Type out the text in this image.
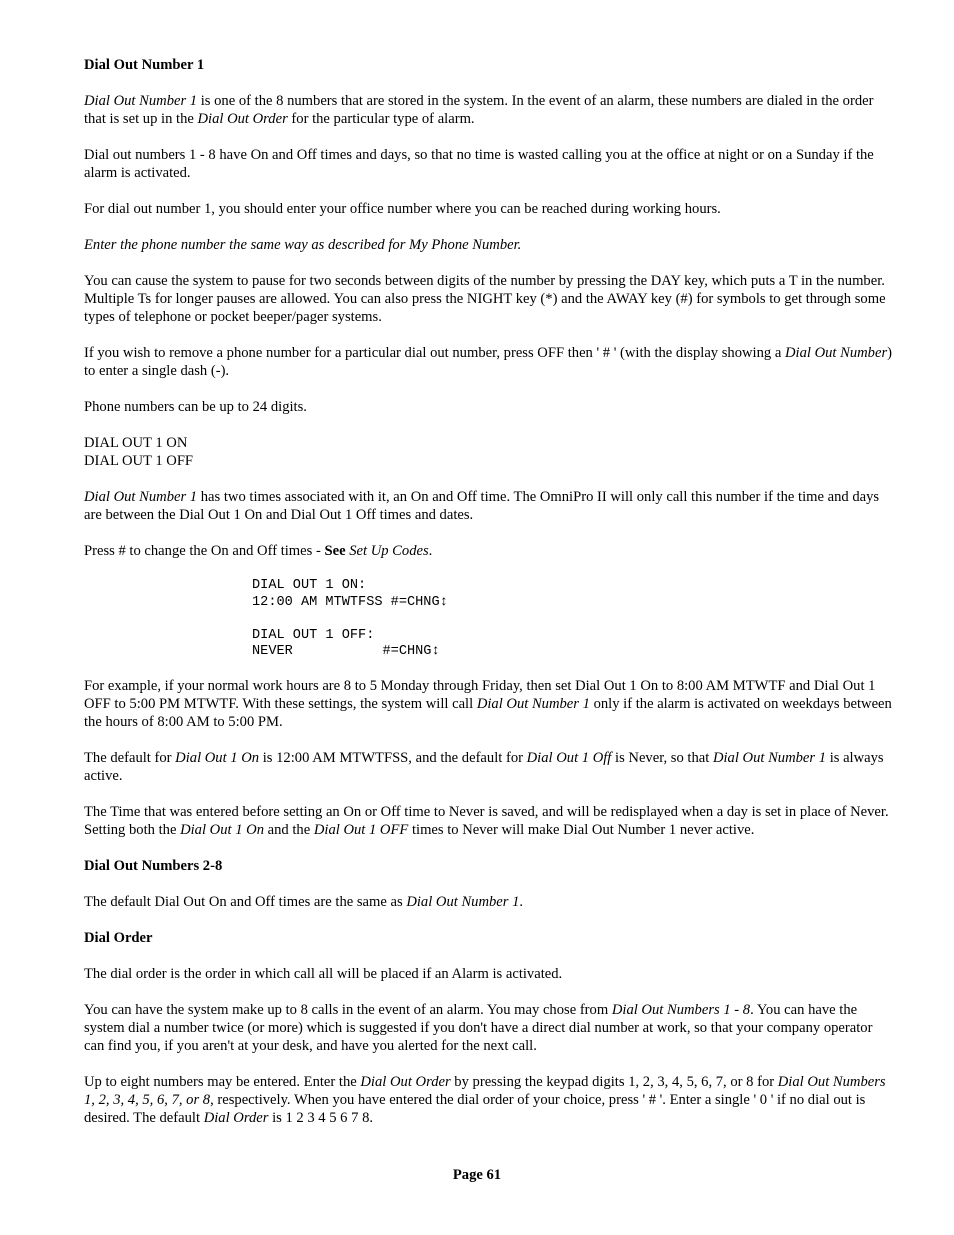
Dial Out Number 1

Dial Out Number 1 is one of the 8 numbers that are stored in the system. In the event of an alarm, these numbers are dialed in the order that is set up in the Dial Out Order for the particular type of alarm.

Dial out numbers 1 - 8 have On and Off times and days, so that no time is wasted calling you at the office at night or on a Sunday if the alarm is activated.

For dial out number 1, you should enter your office number where you can be reached during working hours.

Enter the phone number the same way as described for My Phone Number.

You can cause the system to pause for two seconds between digits of the number by pressing the DAY key, which puts a T in the number. Multiple Ts for longer pauses are allowed. You can also press the NIGHT key (*) and the AWAY key (#) for symbols to get through some types of telephone or pocket beeper/pager systems.

If you wish to remove a phone number for a particular dial out number, press OFF then ' # ' (with the display showing a Dial Out Number) to enter a single dash (-).

Phone numbers can be up to 24 digits.

DIAL OUT 1 ON
DIAL OUT 1 OFF

Dial Out Number 1 has two times associated with it, an On and Off time. The OmniPro II will only call this number if the time and days are between the Dial Out 1 On and Dial Out 1 Off times and dates.

Press # to change the On and Off times - See Set Up Codes.

DIAL OUT 1 ON:
12:00 AM MTWTFSS #=CHNG↕
DIAL OUT 1 OFF:
NEVER           #=CHNG↕

For example, if your normal work hours are 8 to 5 Monday through Friday, then set Dial Out 1 On to 8:00 AM MTWTF and Dial Out 1 OFF to 5:00 PM MTWTF. With these settings, the system will call Dial Out Number 1 only if the alarm is activated on weekdays between the hours of 8:00 AM to 5:00 PM.

The default for Dial Out 1 On is 12:00 AM MTWTFSS, and the default for Dial Out 1 Off is Never, so that Dial Out Number 1 is always active.

The Time that was entered before setting an On or Off time to Never is saved, and will be redisplayed when a day is set in place of Never. Setting both the Dial Out 1 On and the Dial Out 1 OFF times to Never will make Dial Out Number 1 never active.

Dial Out Numbers 2-8

The default Dial Out On and Off times are the same as Dial Out Number 1.

Dial Order

The dial order is the order in which call all will be placed if an Alarm is activated.

You can have the system make up to 8 calls in the event of an alarm. You may chose from Dial Out Numbers 1 - 8. You can have the system dial a number twice (or more) which is suggested if you don't have a direct dial number at work, so that your company operator can find you, if you aren't at your desk, and have you alerted for the next call.

Up to eight numbers may be entered. Enter the Dial Out Order by pressing the keypad digits 1, 2, 3, 4, 5, 6, 7, or 8 for Dial Out Numbers 1, 2, 3, 4, 5, 6, 7, or 8, respectively. When you have entered the dial order of your choice, press ' # '. Enter a single ' 0 ' if no dial out is desired. The default Dial Order is 1 2 3 4 5 6 7 8.

Page 61
